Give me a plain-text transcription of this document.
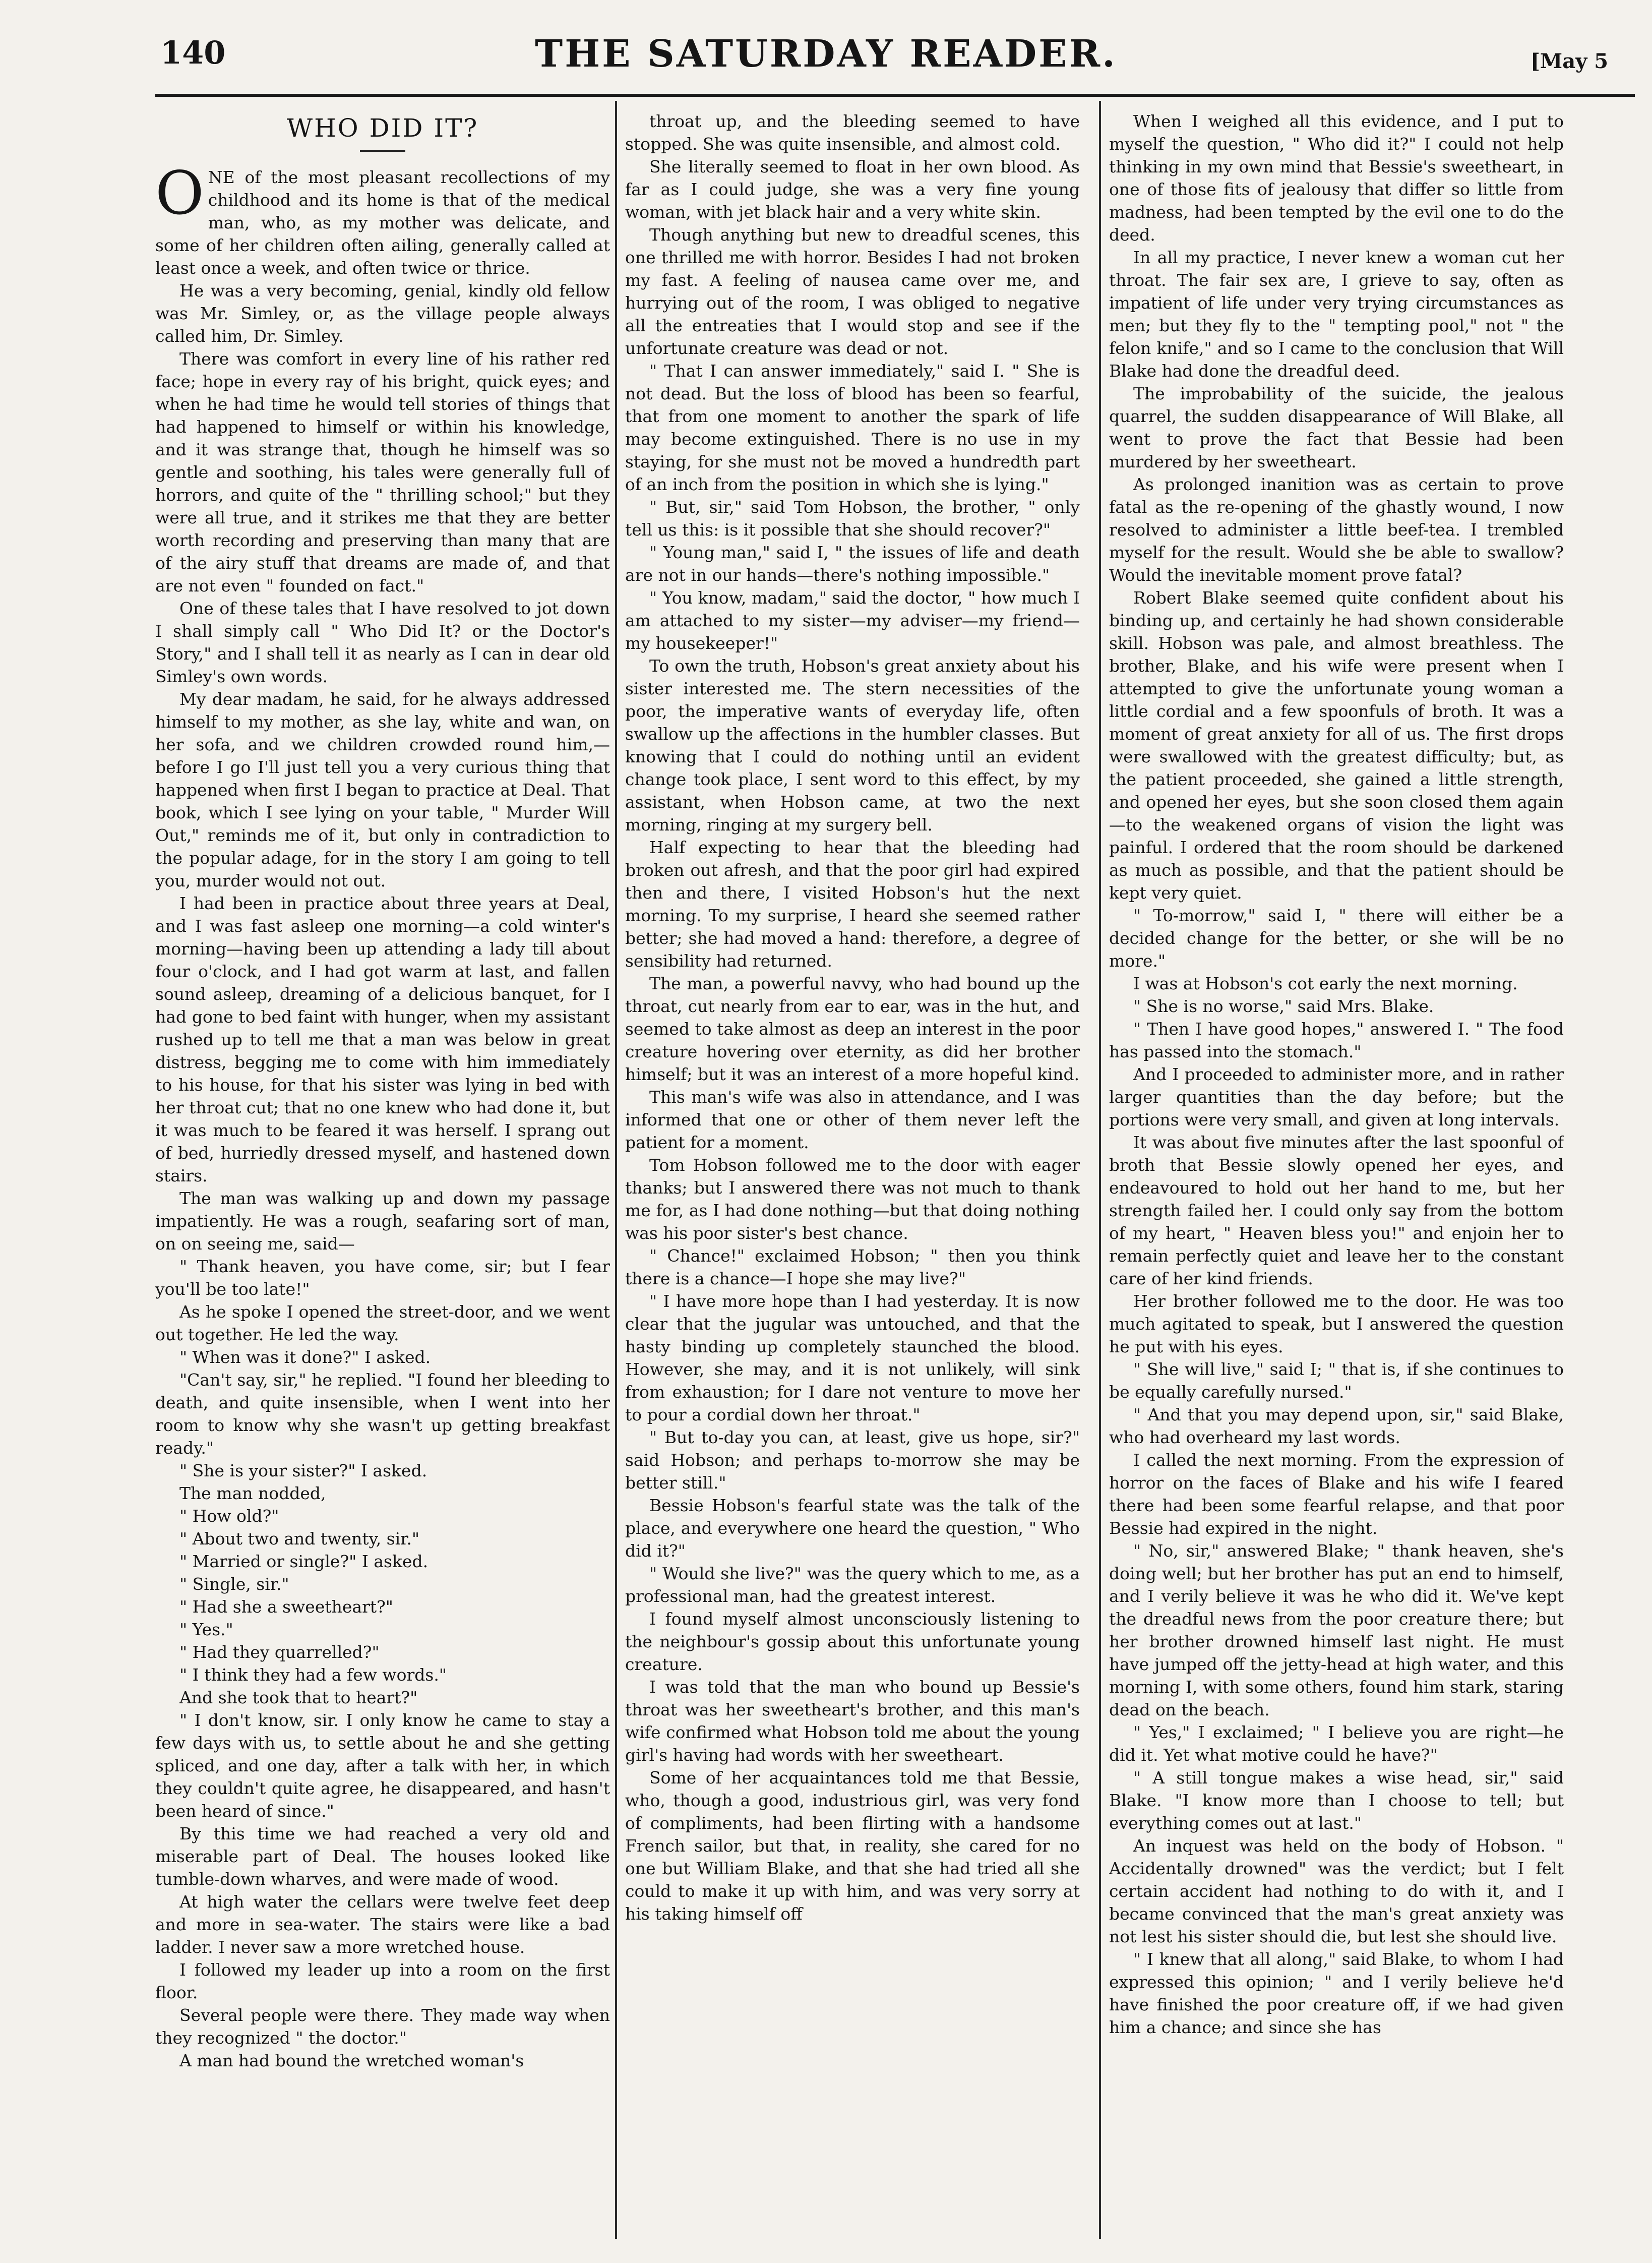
140	THE SATURDAY READER.	[May 5
WHO DID IT?

ONE of the most pleasant recollections of my childhood and its home is that of the medical man, who, as my mother was delicate, and some of her children often ailing, generally called at least once a week, and often twice or thrice.

He was a very becoming, genial, kindly old fellow was Mr. Simley, or, as the village people always called him, Dr. Simley.

There was comfort in every line of his rather red face; hope in every ray of his bright, quick eyes; and when he had time he would tell stories of things that had happened to himself or within his knowledge, and it was strange that, though he himself was so gentle and soothing, his tales were generally full of horrors, and quite of the " thrilling school;" but they were all true, and it strikes me that they are better worth recording and preserving than many that are of the airy stuff that dreams are made of, and that are not even " founded on fact."

One of these tales that I have resolved to jot down I shall simply call " Who Did It? or the Doctor's Story," and I shall tell it as nearly as I can in dear old Simley's own words.

My dear madam, he said, for he always addressed himself to my mother, as she lay, white and wan, on her sofa, and we children crowded round him,—before I go I'll just tell you a very curious thing that happened when first I began to practice at Deal. That book, which I see lying on your table, " Murder Will Out," reminds me of it, but only in contradiction to the popular adage, for in the story I am going to tell you, murder would not out.

I had been in practice about three years at Deal, and I was fast asleep one morning—a cold winter's morning—having been up attending a lady till about four o'clock, and I had got warm at last, and fallen sound asleep, dreaming of a delicious banquet, for I had gone to bed faint with hunger, when my assistant rushed up to tell me that a man was below in great distress, begging me to come with him immediately to his house, for that his sister was lying in bed with her throat cut; that no one knew who had done it, but it was much to be feared it was herself. I sprang out of bed, hurriedly dressed myself, and hastened down stairs.

The man was walking up and down my passage impatiently. He was a rough, seafaring sort of man, on on seeing me, said—

" Thank heaven, you have come, sir; but I fear you'll be too late!"

As he spoke I opened the street-door, and we went out together. He led the way.

" When was it done?" I asked.

"Can't say, sir," he replied. "I found her bleeding to death, and quite insensible, when I went into her room to know why she wasn't up getting breakfast ready."

" She is your sister?" I asked.

The man nodded,

" How old?"

" About two and twenty, sir."

" Married or single?" I asked.

" Single, sir."

" Had she a sweetheart?"

" Yes."

" Had they quarrelled?"

" I think they had a few words."

And she took that to heart?"

" I don't know, sir. I only know he came to stay a few days with us, to settle about he and she getting spliced, and one day, after a talk with her, in which they couldn't quite agree, he disappeared, and hasn't been heard of since."

By this time we had reached a very old and miserable part of Deal. The houses looked like tumble-down wharves, and were made of wood.

At high water the cellars were twelve feet deep and more in sea-water. The stairs were like a bad ladder. I never saw a more wretched house.

I followed my leader up into a room on the first floor.

Several people were there. They made way when they recognized " the doctor."

A man had bound the wretched woman's

throat up, and the bleeding seemed to have stopped. She was quite insensible, and almost cold.

She literally seemed to float in her own blood. As far as I could judge, she was a very fine young woman, with jet black hair and a very white skin.

Though anything but new to dreadful scenes, this one thrilled me with horror. Besides I had not broken my fast. A feeling of nausea came over me, and hurrying out of the room, I was obliged to negative all the entreaties that I would stop and see if the unfortunate creature was dead or not.

" That I can answer immediately," said I. " She is not dead. But the loss of blood has been so fearful, that from one moment to another the spark of life may become extinguished. There is no use in my staying, for she must not be moved a hundredth part of an inch from the position in which she is lying."

" But, sir," said Tom Hobson, the brother, " only tell us this: is it possible that she should recover?"

" Young man," said I, " the issues of life and death are not in our hands—there's nothing impossible."

" You know, madam," said the doctor, " how much I am attached to my sister—my adviser—my friend—my housekeeper!"

To own the truth, Hobson's great anxiety about his sister interested me. The stern necessities of the poor, the imperative wants of everyday life, often swallow up the affections in the humbler classes. But knowing that I could do nothing until an evident change took place, I sent word to this effect, by my assistant, when Hobson came, at two the next morning, ringing at my surgery bell.

Half expecting to hear that the bleeding had broken out afresh, and that the poor girl had expired then and there, I visited Hobson's hut the next morning. To my surprise, I heard she seemed rather better; she had moved a hand: therefore, a degree of sensibility had returned.

The man, a powerful navvy, who had bound up the throat, cut nearly from ear to ear, was in the hut, and seemed to take almost as deep an interest in the poor creature hovering over eternity, as did her brother himself; but it was an interest of a more hopeful kind.

This man's wife was also in attendance, and I was informed that one or other of them never left the patient for a moment.

Tom Hobson followed me to the door with eager thanks; but I answered there was not much to thank me for, as I had done nothing—but that doing nothing was his poor sister's best chance.

" Chance!" exclaimed Hobson; " then you think there is a chance—I hope she may live?"

" I have more hope than I had yesterday. It is now clear that the jugular was untouched, and that the hasty binding up completely staunched the blood. However, she may, and it is not unlikely, will sink from exhaustion; for I dare not venture to move her to pour a cordial down her throat."

" But to-day you can, at least, give us hope, sir?" said Hobson; and perhaps to-morrow she may be better still."

Bessie Hobson's fearful state was the talk of the place, and everywhere one heard the question, " Who did it?"

" Would she live?" was the query which to me, as a professional man, had the greatest interest.

I found myself almost unconsciously listening to the neighbour's gossip about this unfortunate young creature.

I was told that the man who bound up Bessie's throat was her sweetheart's brother, and this man's wife confirmed what Hobson told me about the young girl's having had words with her sweetheart.

Some of her acquaintances told me that Bessie, who, though a good, industrious girl, was very fond of compliments, had been flirting with a handsome French sailor, but that, in reality, she cared for no one but William Blake, and that she had tried all she could to make it up with him, and was very sorry at his taking himself off

When I weighed all this evidence, and I put to myself the question, " Who did it?" I could not help thinking in my own mind that Bessie's sweetheart, in one of those fits of jealousy that differ so little from madness, had been tempted by the evil one to do the deed.

In all my practice, I never knew a woman cut her throat. The fair sex are, I grieve to say, often as impatient of life under very trying circumstances as men; but they fly to the " tempting pool," not " the felon knife," and so I came to the conclusion that Will Blake had done the dreadful deed.

The improbability of the suicide, the jealous quarrel, the sudden disappearance of Will Blake, all went to prove the fact that Bessie had been murdered by her sweetheart.

As prolonged inanition was as certain to prove fatal as the re-opening of the ghastly wound, I now resolved to administer a little beef-tea. I trembled myself for the result. Would she be able to swallow? Would the inevitable moment prove fatal?

Robert Blake seemed quite confident about his binding up, and certainly he had shown considerable skill. Hobson was pale, and almost breathless. The brother, Blake, and his wife were present when I attempted to give the unfortunate young woman a little cordial and a few spoonfuls of broth. It was a moment of great anxiety for all of us. The first drops were swallowed with the greatest difficulty; but, as the patient proceeded, she gained a little strength, and opened her eyes, but she soon closed them again—to the weakened organs of vision the light was painful. I ordered that the room should be darkened as much as possible, and that the patient should be kept very quiet.

" To-morrow," said I, " there will either be a decided change for the better, or she will be no more."

I was at Hobson's cot early the next morning.

" She is no worse," said Mrs. Blake.

" Then I have good hopes," answered I. " The food has passed into the stomach."

And I proceeded to administer more, and in rather larger quantities than the day before; but the portions were very small, and given at long intervals.

It was about five minutes after the last spoonful of broth that Bessie slowly opened her eyes, and endeavoured to hold out her hand to me, but her strength failed her. I could only say from the bottom of my heart, " Heaven bless you!" and enjoin her to remain perfectly quiet and leave her to the constant care of her kind friends.

Her brother followed me to the door. He was too much agitated to speak, but I answered the question he put with his eyes.

" She will live," said I; " that is, if she continues to be equally carefully nursed."

" And that you may depend upon, sir," said Blake, who had overheard my last words.

I called the next morning. From the expression of horror on the faces of Blake and his wife I feared there had been some fearful relapse, and that poor Bessie had expired in the night.

" No, sir," answered Blake; " thank heaven, she's doing well; but her brother has put an end to himself, and I verily believe it was he who did it. We've kept the dreadful news from the poor creature there; but her brother drowned himself last night. He must have jumped off the jetty-head at high water, and this morning I, with some others, found him stark, staring dead on the beach.

" Yes," I exclaimed; " I believe you are right—he did it. Yet what motive could he have?"

" A still tongue makes a wise head, sir," said Blake. "I know more than I choose to tell; but everything comes out at last."

An inquest was held on the body of Hobson. " Accidentally drowned" was the verdict; but I felt certain accident had nothing to do with it, and I became convinced that the man's great anxiety was not lest his sister should die, but lest she should live.

" I knew that all along," said Blake, to whom I had expressed this opinion; " and I verily believe he'd have finished the poor creature off, if we had given him a chance; and since she has
